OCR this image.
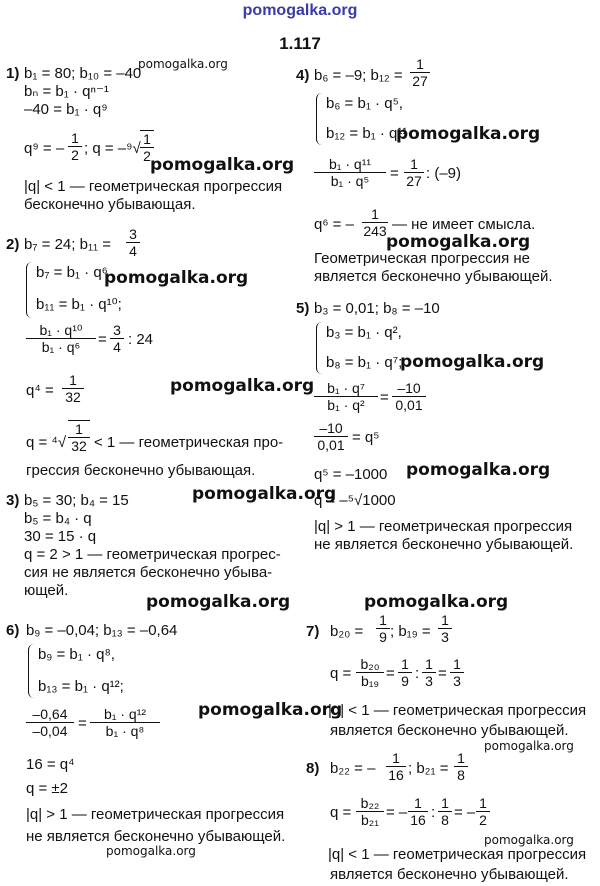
pomogalka.org
1.117
1) b₁ = 80; b₁₀ = –40
bₙ = b₁ · qⁿ⁻¹
–40 = b₁ · q⁹
q⁹ = –
1
2 ; q = –⁹√
1
2
|q| < 1 — геометрическая прогрессия
бесконечно убывающая.
2) b₇ = 24; b₁₁ =
3
4
b₇ = b₁ · q⁶
b₁₁ = b₁ · q¹⁰;
b₁ · q¹⁰
b₁ · q⁶	=
3
4 : 24
q⁴ =
1
32
q = ⁴√
1
32 < 1 — геометрическая про-
грессия бесконечно убывающая.
3) b₅ = 30; b₄ = 15
b₅ = b₄ · q
30 = 15 · q
q = 2 > 1 — геометрическая прогрес-
сия не является бесконечно убыва-
ющей.
4) b₆ = –9; b₁₂ =
1
27
b₆ = b₁ · q⁵,
b₁₂ = b₁ · q¹¹
b₁ · q¹¹
b₁ · q⁵	=
1
27 : (–9)
q⁶ = –
1
243 — не имеет смысла.
Геометрическая прогрессия не
является бесконечно убывающей.
5) b₃ = 0,01; b₈ = –10
b₃ = b₁ · q²,
b₈ = b₁ · q⁷;
b₁ · q⁷
b₁ · q²	=
–10
0,01
–10
0,01 = q⁵
q⁵ = –1000
q = –⁵√1000
|q| > 1 — геометрическая прогрессия
не является бесконечно убывающей.
6) b₉ = –0,04; b₁₃ = –0,64
b₉ = b₁ · q⁸,
b₁₃ = b₁ · q¹²;
–0,64
–0,04 =
b₁ · q¹²
b₁ · q⁸
16 = q⁴
q = ±2
|q| > 1 — геометрическая прогрессия
не является бесконечно убывающей.
7) b₂₀ =
1
9 ; b₁₉ =
1
3
q =
b₂₀
b₁₉ =
1
9 :
1
3 =
1
3
|q| < 1 — геометрическая прогрессия
является бесконечно убывающей.
8) b₂₂ = –
1
16 ; b₂₁ =
1
8
q =
b₂₂
b₂₁ = –
1
16 :
1
8 = –
1
2
|q| < 1 — геометрическая прогрессия
является бесконечно убывающей.
pomogalka.org
pomogalka.org
pomogalka.org
pomogalka.org
pomogalka.org
pomogalka.org
pomogalka.org
pomogalka.org
pomogalka.org
pomogalka.org	pomogalka.org
pomogalka.org
pomogalka.org
pomogalka.org
pomogalka.org
